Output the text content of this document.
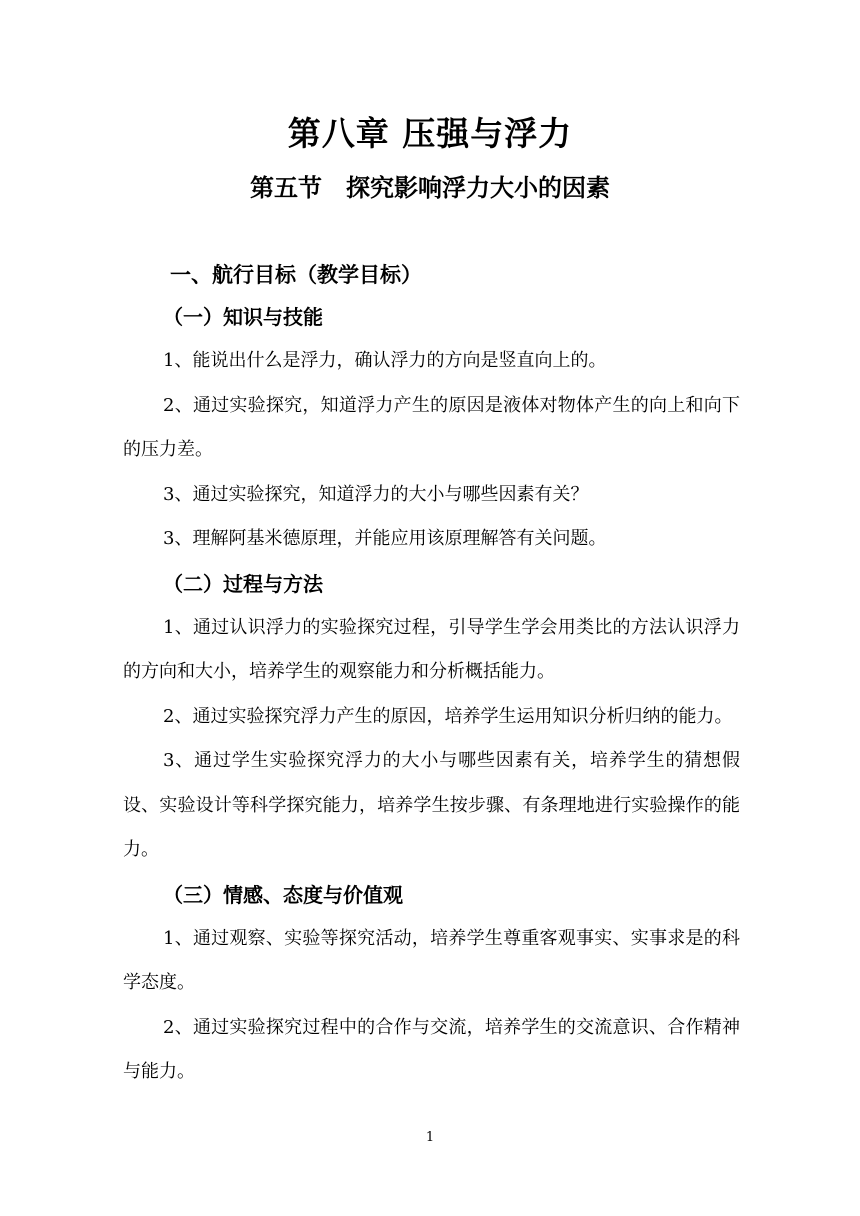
第八章 压强与浮力
第五节　探究影响浮力大小的因素
一、航行目标（教学目标）
（一）知识与技能
1、能说出什么是浮力，确认浮力的方向是竖直向上的。
2、通过实验探究，知道浮力产生的原因是液体对物体产生的向上和向下的压力差。
3、通过实验探究，知道浮力的大小与哪些因素有关？
3、理解阿基米德原理，并能应用该原理解答有关问题。
（二）过程与方法
1、通过认识浮力的实验探究过程，引导学生学会用类比的方法认识浮力的方向和大小，培养学生的观察能力和分析概括能力。
2、通过实验探究浮力产生的原因，培养学生运用知识分析归纳的能力。
3、通过学生实验探究浮力的大小与哪些因素有关，培养学生的猜想假设、实验设计等科学探究能力，培养学生按步骤、有条理地进行实验操作的能力。
（三）情感、态度与价值观
1、通过观察、实验等探究活动，培养学生尊重客观事实、实事求是的科学态度。
2、通过实验探究过程中的合作与交流，培养学生的交流意识、合作精神与能力。
1
